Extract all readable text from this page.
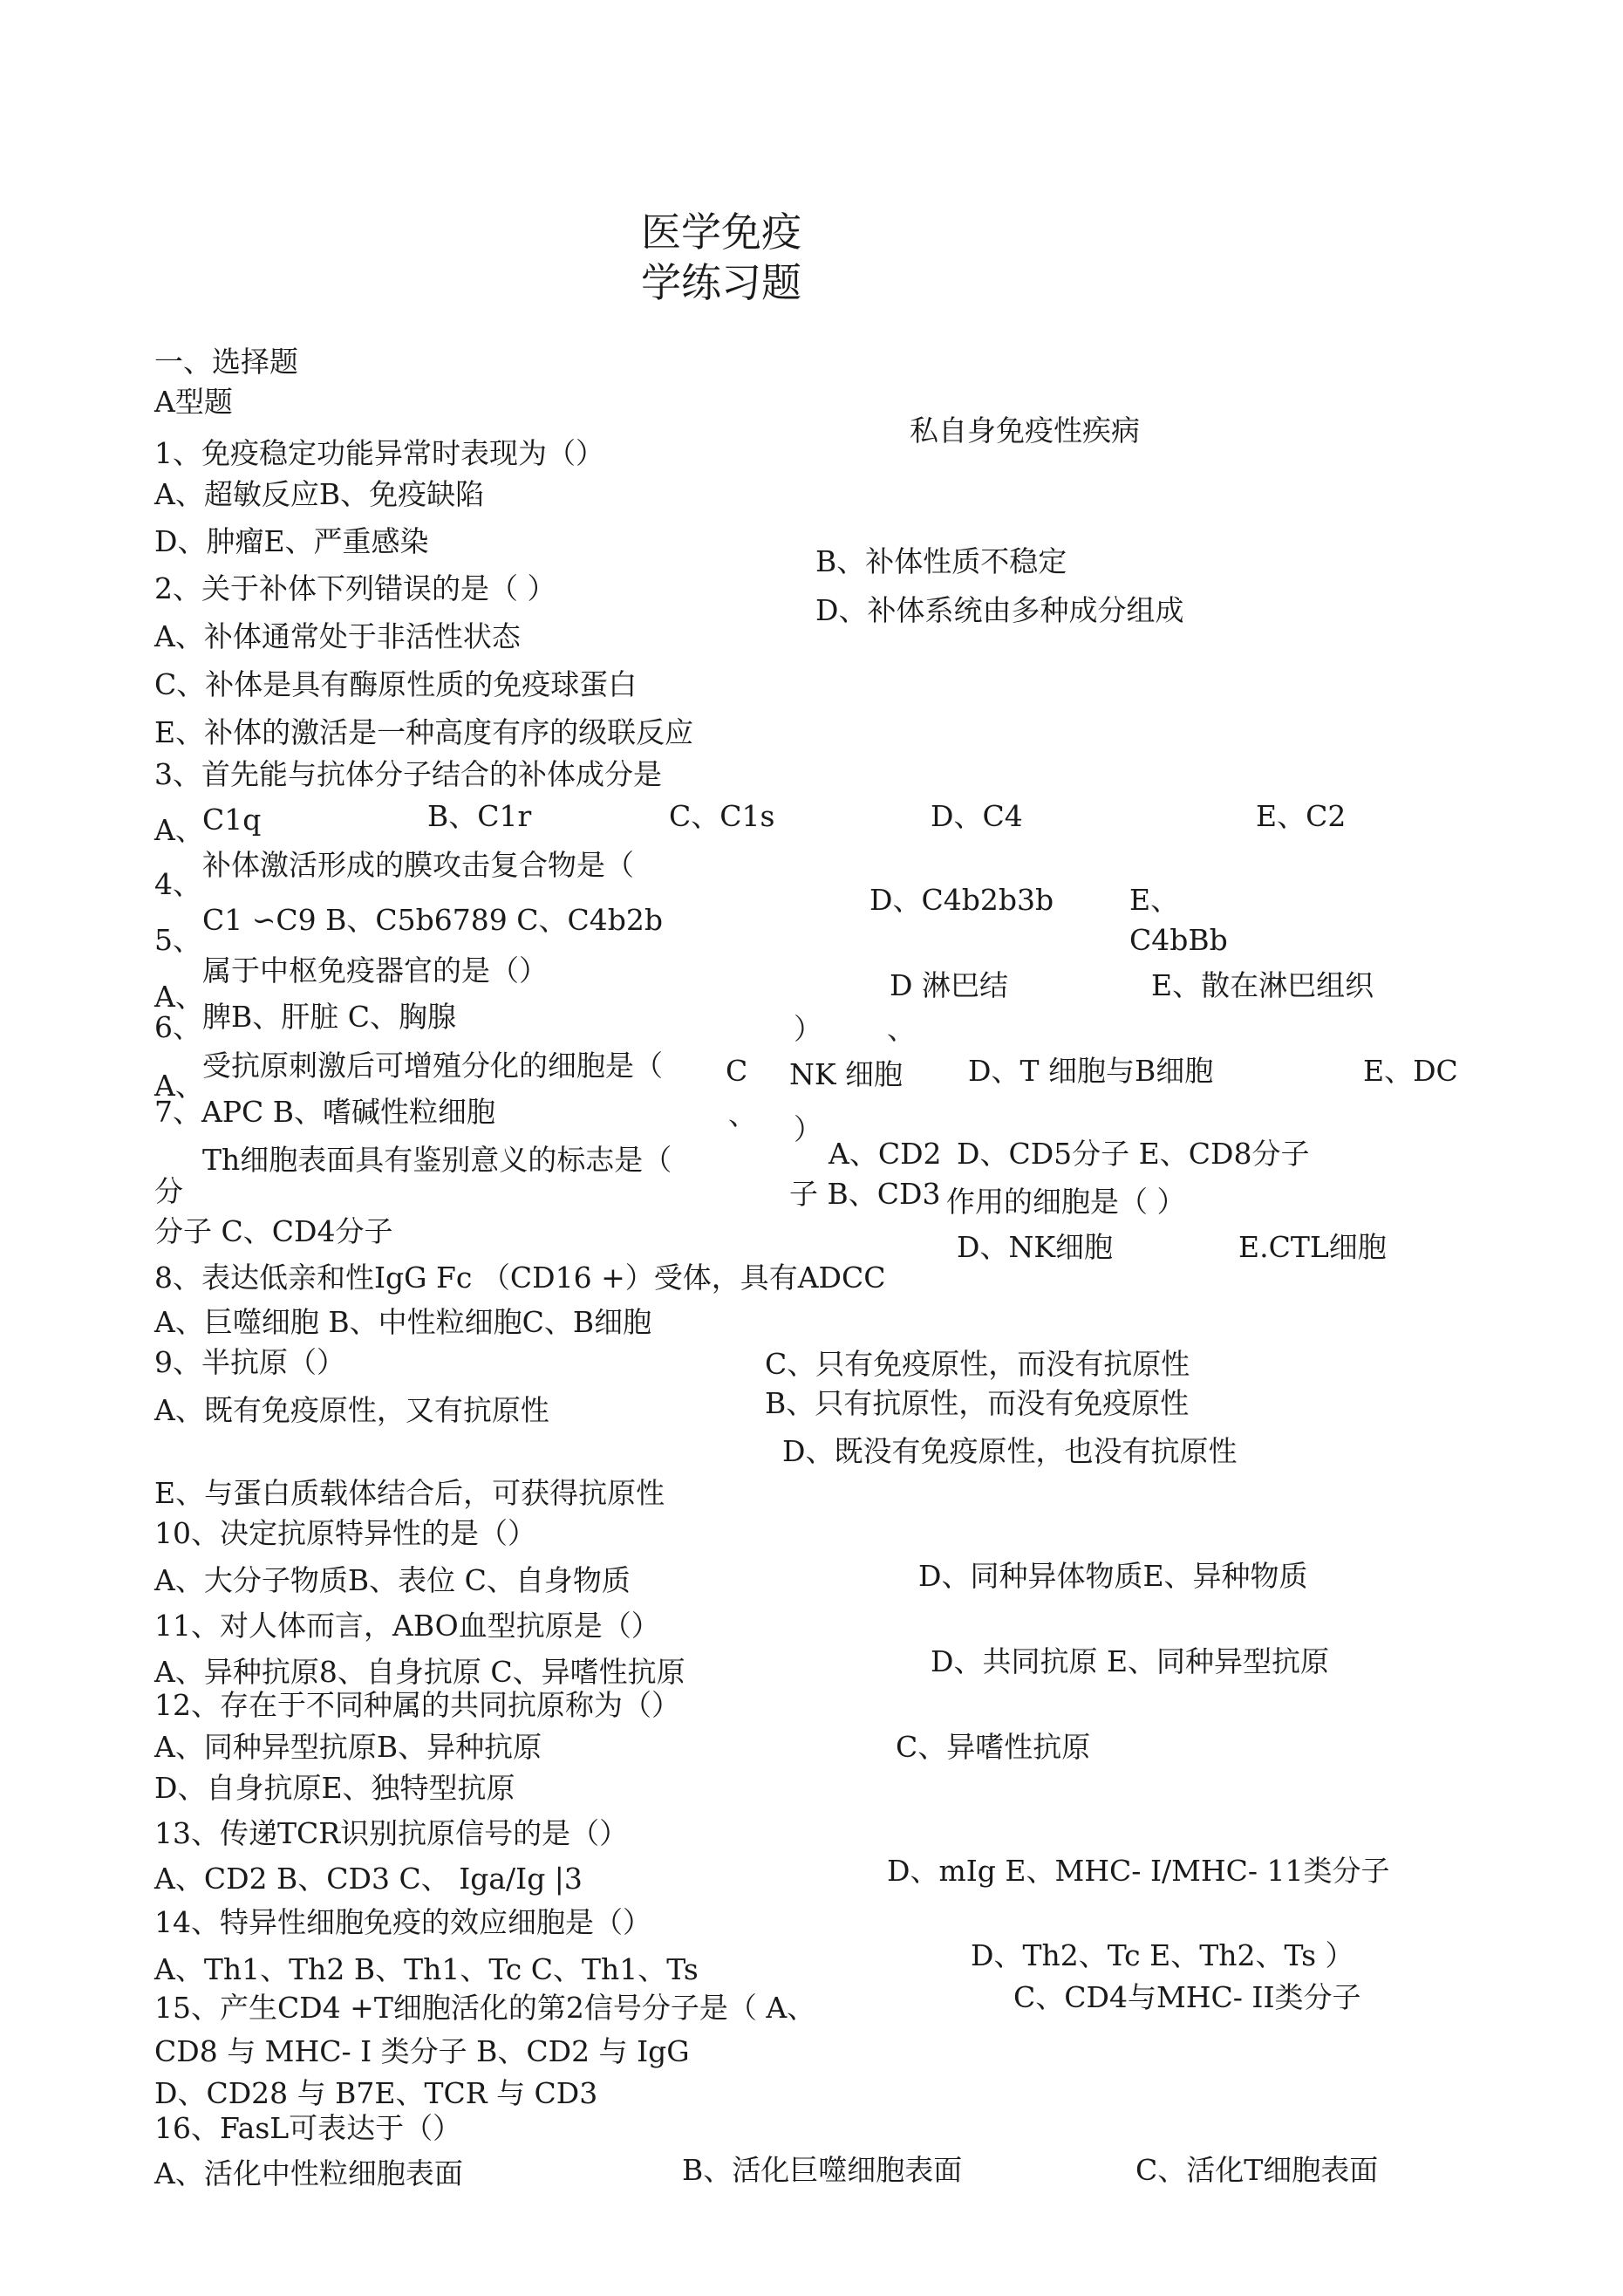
医学免疫
学练习题
一、选择题
A型题
私自身免疫性疾病
1、免疫稳定功能异常时表现为（）
A、超敏反应B、免疫缺陷
D、肿瘤E、严重感染
B、补体性质不稳定
2、关于补体下列错误的是（ ）
D、补体系统由多种成分组成
A、补体通常处于非活性状态
C、补体是具有酶原性质的免疫球蛋白
E、补体的激活是一种高度有序的级联反应
3、首先能与抗体分子结合的补体成分是
A、
C1q	B、C1r	C、C1s	D、C4	E、C2
4、
补体激活形成的膜攻击复合物是（
D、C4b2b3b	E、
5、
C1 ∽C9 B、C5b6789 C、C4b2b
C4bBb
A、
属于中枢免疫器官的是（）	D 淋巴结	E、散在淋巴组织
6、 脾B、肝脏 C、胸腺	） 、
A、
受抗原刺激后可增殖分化的细胞是（ C NK 细胞 D、T 细胞与B细胞	E、DC
7、APC B、嗜碱性粒细胞	、 ）
Th细胞表面具有鉴别意义的标志是（	A、CD2 D、CD5分子 E、CD8分子
分	子 B、CD3 作用的细胞是（ ）
分子 C、CD4分子	D、NK细胞	E.CTL细胞
8、表达低亲和性IgG Fc （CD16 +）受体，具有ADCC
A、巨噬细胞 B、中性粒细胞C、B细胞
9、半抗原（）	C、只有免疫原性，而没有抗原性
A、既有免疫原性，又有抗原性	B、只有抗原性，而没有免疫原性
D、既没有免疫原性，也没有抗原性
E、与蛋白质载体结合后，可获得抗原性
10、决定抗原特异性的是（）
A、大分子物质B、表位 C、自身物质	D、同种异体物质E、异种物质
11、对人体而言，ABO血型抗原是（）
A、异种抗原8、自身抗原 C、异嗜性抗原	D、共同抗原 E、同种异型抗原
12、存在于不同种属的共同抗原称为（）
A、同种异型抗原B、异种抗原	C、异嗜性抗原
D、自身抗原E、独特型抗原
13、传递TCR识别抗原信号的是（）
A、CD2 B、CD3 C、 Iga/Ig |3	D、mIg E、MHC- I/MHC- 11类分子
14、特异性细胞免疫的效应细胞是（）
A、Th1、Th2 B、Th1、Tc C、Th1、Ts	D、Th2、Tc E、Th2、Ts ）
15、产生CD4 +T细胞活化的第2信号分子是（ A、	C、CD4与MHC- II类分子
CD8 与 MHC- I 类分子 B、CD2 与 IgG
D、CD28 与 B7E、TCR 与 CD3
16、FasL可表达于（）
A、活化中性粒细胞表面	B、活化巨噬细胞表面	C、活化T细胞表面
